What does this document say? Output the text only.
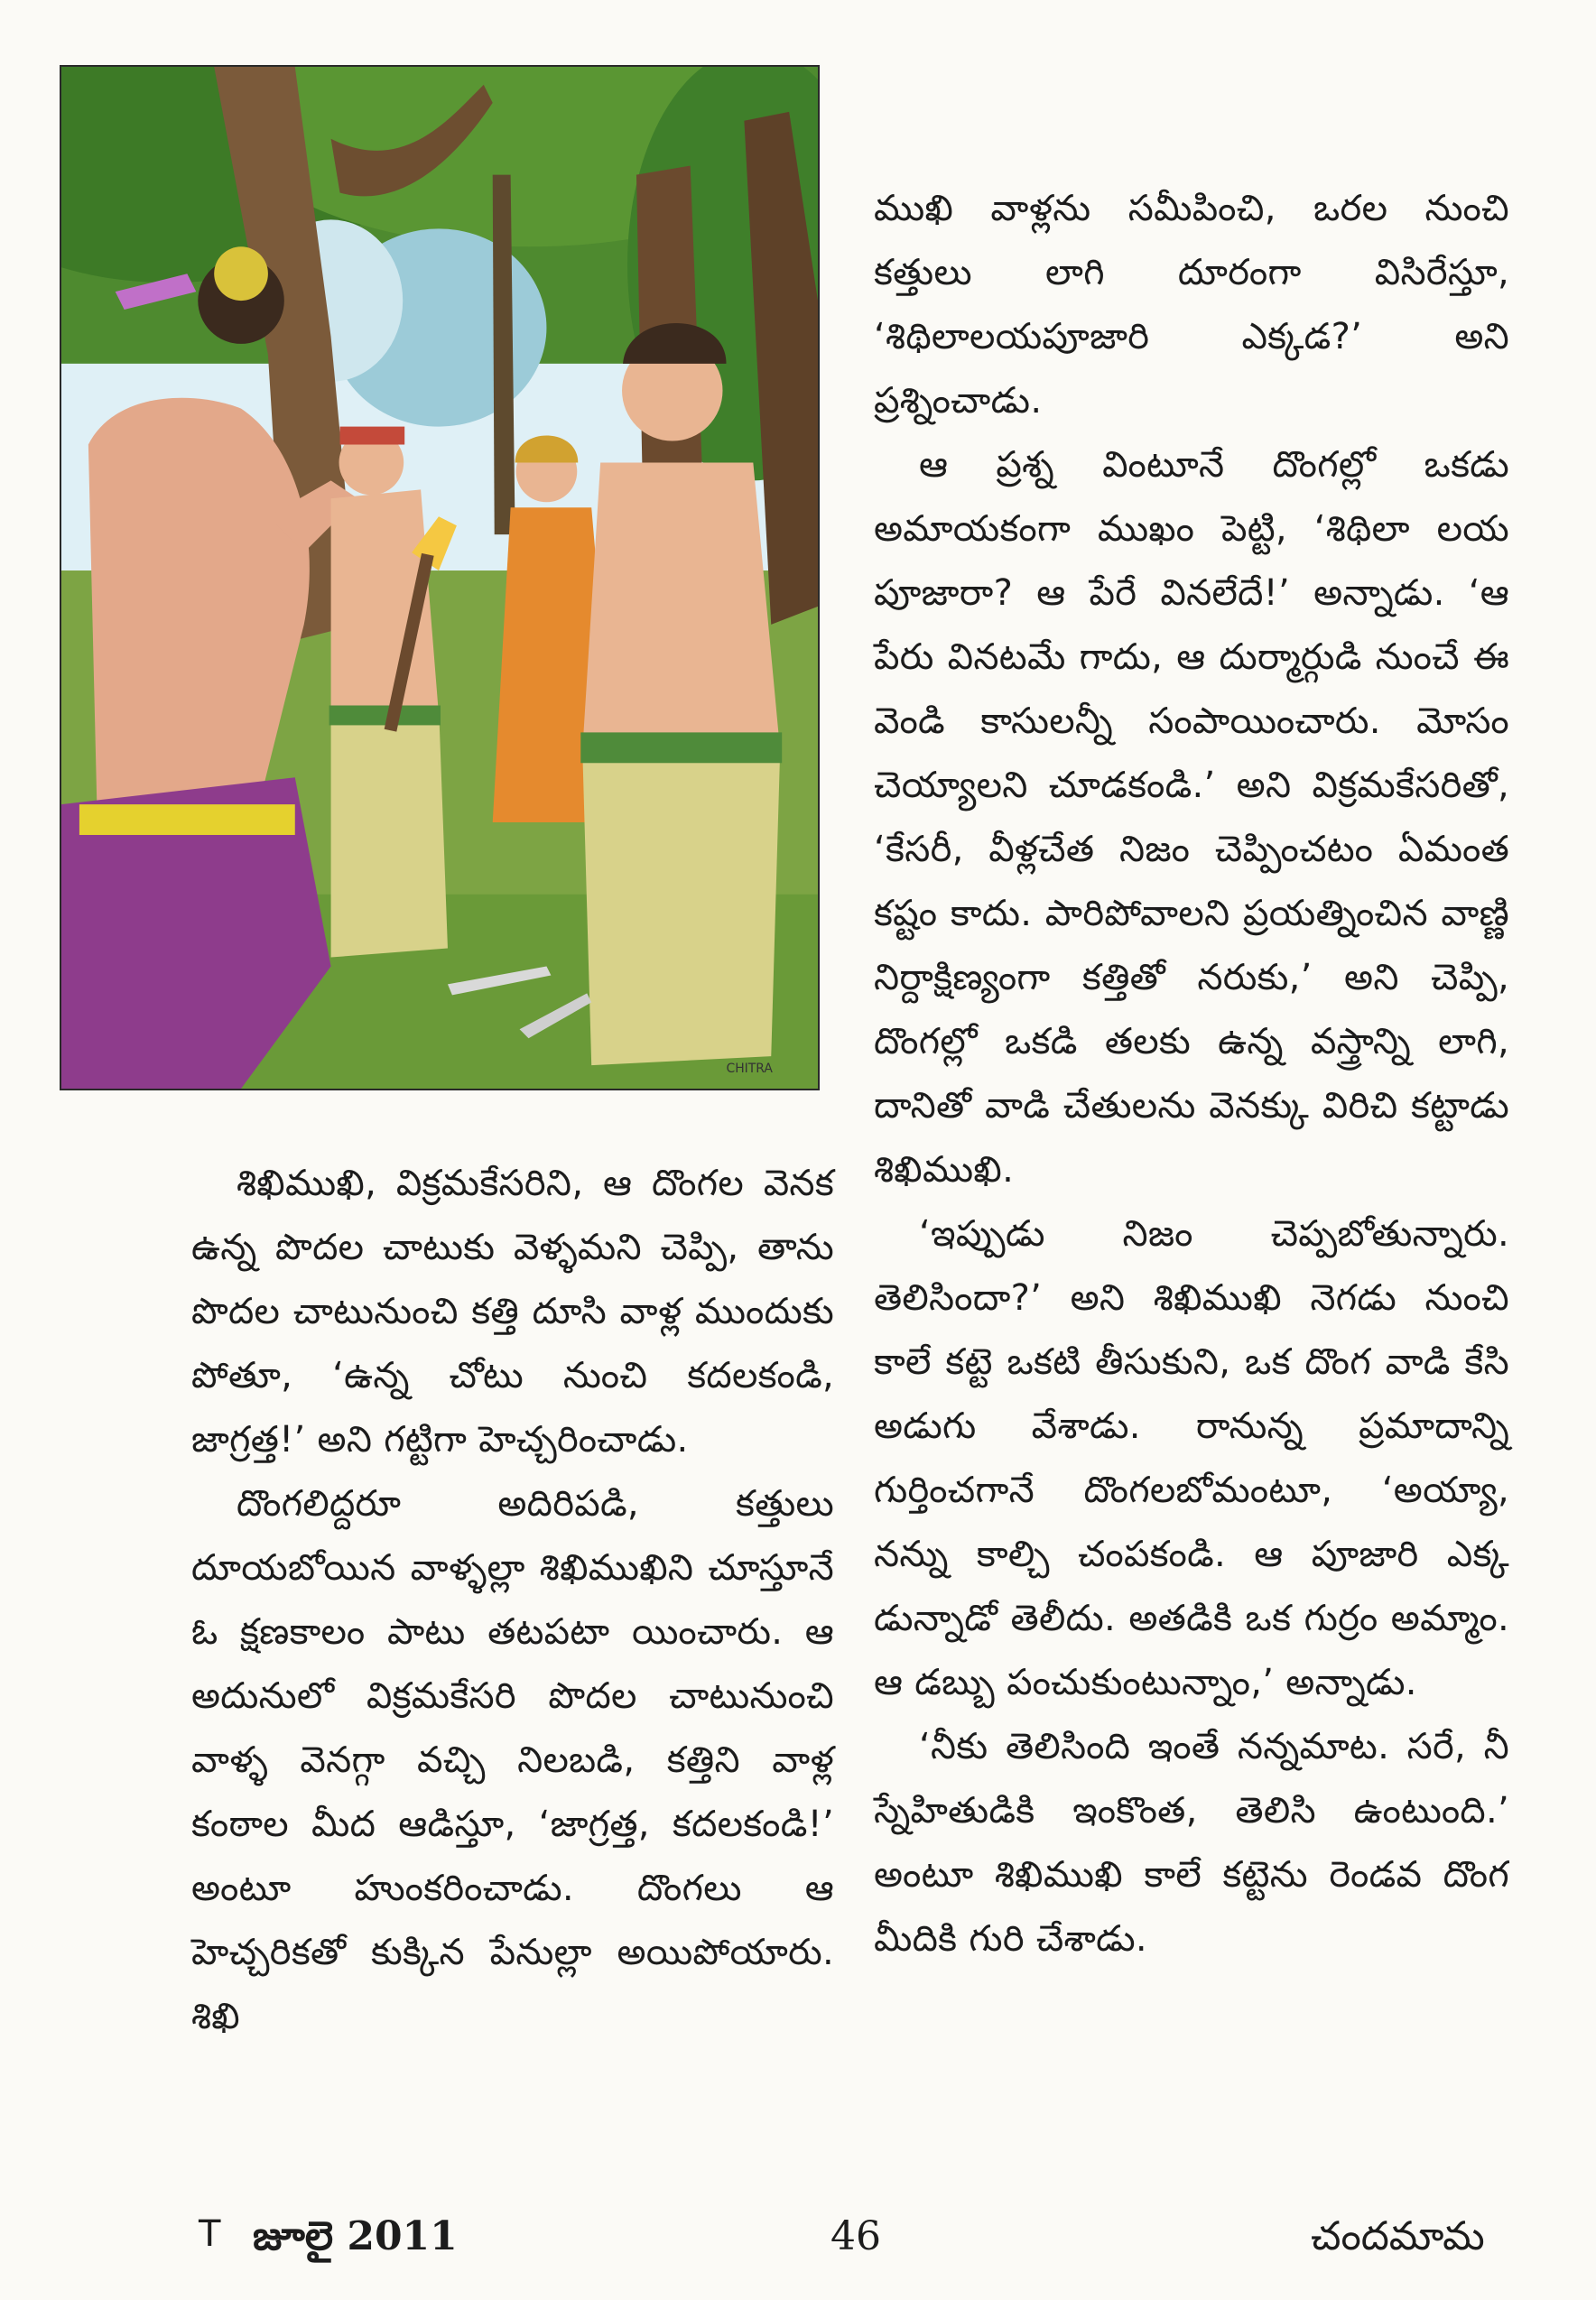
CHITRA

శిఖిముఖి, విక్రమకేసరిని, ఆ దొంగల వెనక ఉన్న పొదల చాటుకు వెళ్ళమని చెప్పి, తాను పొదల చాటునుంచి కత్తి దూసి వాళ్ల ముందుకు పోతూ, ‘ఉన్న చోటు నుంచి కదలకండి, జాగ్రత్త!’ అని గట్టిగా హెచ్చరించాడు.

దొంగలిద్దరూ అదిరిపడి, కత్తులు దూయబోయిన వాళ్ళల్లా శిఖిముఖిని చూస్తూనే ఓ క్షణకాలం పాటు తటపటా యించారు. ఆ అదునులో విక్రమకేసరి పొదల చాటునుంచి వాళ్ళ వెనగ్గా వచ్చి నిలబడి, కత్తిని వాళ్ల కంఠాల మీద ఆడిస్తూ, ‘జాగ్రత్త, కదలకండి!’ అంటూ హుంకరించాడు. దొంగలు ఆ హెచ్చరికతో కుక్కిన పేనుల్లా అయిపోయారు. శిఖి

ముఖి వాళ్లను సమీపించి, ఒరల నుంచి కత్తులు లాగి దూరంగా విసిరేస్తూ, ‘శిథిలాలయపూజారి ఎక్కడ?’ అని ప్రశ్నించాడు.

ఆ ప్రశ్న వింటూనే దొంగల్లో ఒకడు అమాయకంగా ముఖం పెట్టి, ‘శిథిలా లయ పూజారా? ఆ పేరే వినలేదే!’ అన్నాడు. ‘ఆ పేరు వినటమే గాదు, ఆ దుర్మార్గుడి నుంచే ఈ వెండి కాసులన్నీ సంపాయించారు. మోసం చెయ్యాలని చూడకండి.’ అని విక్రమకేసరితో, ‘కేసరీ, వీళ్లచేత నిజం చెప్పించటం ఏమంత కష్టం కాదు. పారిపోవాలని ప్రయత్నించిన వాణ్ణి నిర్దాక్షిణ్యంగా కత్తితో నరుకు,’ అని చెప్పి, దొంగల్లో ఒకడి తలకు ఉన్న వస్త్రాన్ని లాగి, దానితో వాడి చేతులను వెనక్కు విరిచి కట్టాడు శిఖిముఖి.

‘ఇప్పుడు నిజం చెప్పబోతున్నారు. తెలిసిందా?’ అని శిఖిముఖి నెగడు నుంచి కాలే కట్టె ఒకటి తీసుకుని, ఒక దొంగ వాడి కేసి అడుగు వేశాడు. రానున్న ప్రమాదాన్ని గుర్తించగానే దొంగలబోమంటూ, ‘అయ్యా, నన్ను కాల్చి చంపకండి. ఆ పూజారి ఎక్క డున్నాడో తెలీదు. అతడికి ఒక గుర్రం అమ్మాం. ఆ డబ్బు పంచుకుంటున్నాం,’ అన్నాడు.

‘నీకు తెలిసింది ఇంతే నన్నమాట. సరే, నీ స్నేహితుడికి ఇంకొంత, తెలిసి ఉంటుంది.’ అంటూ శిఖిముఖి కాలే కట్టెను రెండవ దొంగ మీదికి గురి చేశాడు.

T జూలై 2011	46	చందమామ
